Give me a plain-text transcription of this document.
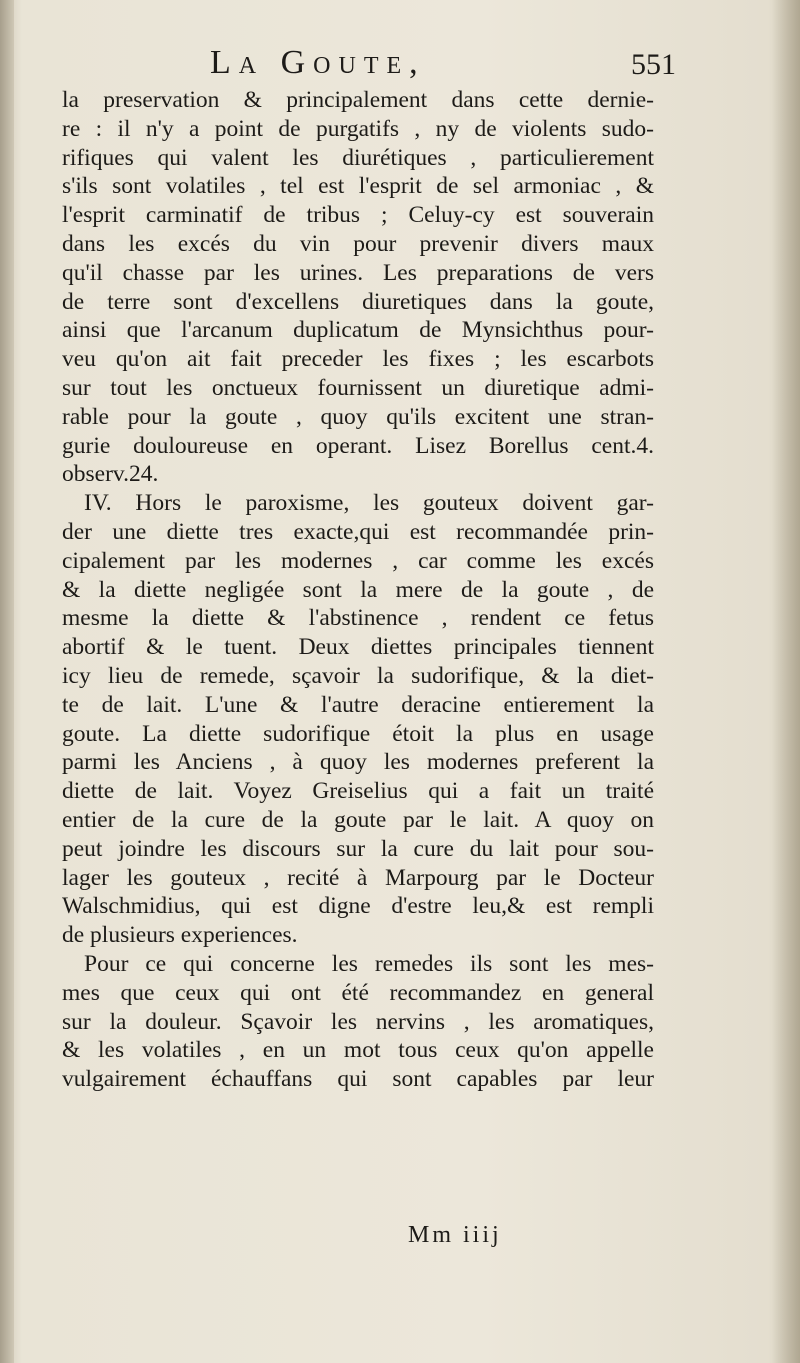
La Goute,	551
la preservation & principalement dans cette dernie-
re : il n'y a point de purgatifs , ny de violents sudo-
rifiques qui valent les diurétiques , particulierement
s'ils sont volatiles , tel est l'esprit de sel armoniac , &
l'esprit carminatif de tribus ; Celuy-cy est souverain
dans les excés du vin pour prevenir divers maux
qu'il chasse par les urines. Les preparations de vers
de terre sont d'excellens diuretiques dans la goute,
ainsi que l'arcanum duplicatum de Mynsichthus pour-
veu qu'on ait fait preceder les fixes ; les escarbots
sur tout les onctueux fournissent un diuretique admi-
rable pour la goute , quoy qu'ils excitent une stran-
gurie douloureuse en operant. Lisez Borellus cent.4.
observ.24.
IV. Hors le paroxisme, les gouteux doivent gar-
der une diette tres exacte,qui est recommandée prin-
cipalement par les modernes , car comme les excés
& la diette negligée sont la mere de la goute , de
mesme la diette & l'abstinence , rendent ce fetus
abortif & le tuent. Deux diettes principales tiennent
icy lieu de remede, sçavoir la sudorifique, & la diet-
te de lait. L'une & l'autre deracine entierement la
goute. La diette sudorifique étoit la plus en usage
parmi les Anciens , à quoy les modernes preferent la
diette de lait. Voyez Greiselius qui a fait un traité
entier de la cure de la goute par le lait. A quoy on
peut joindre les discours sur la cure du lait pour sou-
lager les gouteux , recité à Marpourg par le Docteur
Walschmidius, qui est digne d'estre leu,& est rempli
de plusieurs experiences.
Pour ce qui concerne les remedes ils sont les mes-
mes que ceux qui ont été recommandez en general
sur la douleur. Sçavoir les nervins , les aromatiques,
& les volatiles , en un mot tous ceux qu'on appelle
vulgairement échauffans qui sont capables par leur
Mm iiij
